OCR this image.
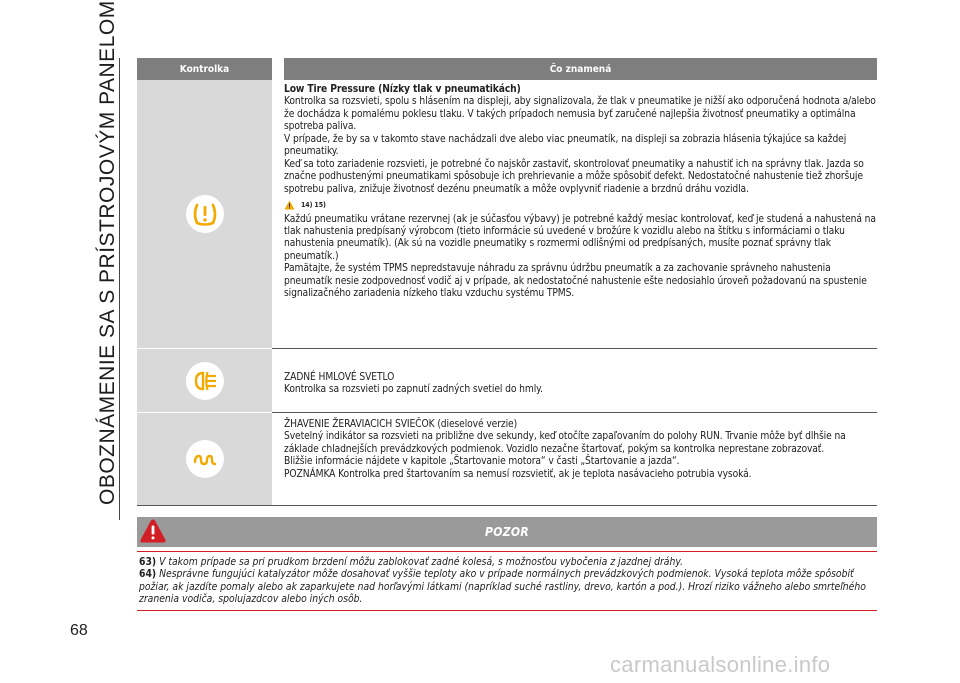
OBOZNÁMENIE SA S PRÍSTROJOVÝM PANELOM	Kontrolka	Čo znamená

Low Tire Pressure (Nízky tlak v pneumatikách)

Kontrolka sa rozsvieti, spolu s hlásením na displeji, aby signalizovala, že tlak v pneumatike je nižší ako odporučená hodnota a/alebo že dochádza k pomalému poklesu tlaku. V takých prípadoch nemusia byť zaručené najlepšia životnosť pneumatiky a optimálna spotreba paliva.

V prípade, že by sa v takomto stave nachádzali dve alebo viac pneumatík, na displeji sa zobrazia hlásenia týkajúce sa každej pneumatiky.

Keď sa toto zariadenie rozsvieti, je potrebné čo najskôr zastaviť, skontrolovať pneumatiky a nahustiť ich na správny tlak. Jazda so značne podhustenými pneumatikami spôsobuje ich prehrievanie a môže spôsobiť defekt. Nedostatočné nahustenie tiež zhoršuje spotrebu paliva, znižuje životnosť dezénu pneumatík a môže ovplyvniť riadenie a brzdnú dráhu vozidla.

14) 15)

Každú pneumatiku vrátane rezervnej (ak je súčasťou výbavy) je potrebné každý mesiac kontrolovať, keď je studená a nahustená na tlak nahustenia predpísaný výrobcom (tieto informácie sú uvedené v brožúre k vozidlu alebo na štítku s informáciami o tlaku nahustenia pneumatík). (Ak sú na vozidle pneumatiky s rozmermi odlišnými od predpísaných, musíte poznať správny tlak pneumatík.)

Pamätajte, že systém TPMS nepredstavuje náhradu za správnu údržbu pneumatík a za zachovanie správneho nahustenia pneumatík nesie zodpovednosť vodič aj v prípade, ak nedostatočné nahustenie ešte nedosiahlo úroveň požadovanú na spustenie signalizačného zariadenia nízkeho tlaku vzduchu systému TPMS.

ZADNÉ HMLOVÉ SVETLO

Kontrolka sa rozsvieti po zapnutí zadných svetiel do hmly.

ŽHAVENIE ŽERAVIACICH SVIEČOK (dieselové verzie)

Svetelný indikátor sa rozsvieti na približne dve sekundy, keď otočíte zapaľovaním do polohy RUN. Trvanie môže byť dlhšie na základe chladnejších prevádzkových podmienok. Vozidlo nezačne štartovať, pokým sa kontrolka neprestane zobrazovať.

Bližšie informácie nájdete v kapitole „Štartovanie motora“ v časti „Štartovanie a jazda“.

POZNÁMKA Kontrolka pred štartovaním sa nemusí rozsvietiť, ak je teplota nasávacieho potrubia vysoká.

POZOR
63) V takom prípade sa pri prudkom brzdení môžu zablokovať zadné kolesá, s možnosťou vybočenia z jazdnej dráhy.
64) Nesprávne fungujúci katalyzátor môže dosahovať vyššie teploty ako v prípade normálnych prevádzkových podmienok. Vysoká teplota môže spôsobiť požiar, ak jazdíte pomaly alebo ak zaparkujete nad horľavými látkami (napríklad suché rastliny, drevo, kartón a pod.). Hrozí riziko vážneho alebo smrteľného zranenia vodiča, spolujazdcov alebo iných osôb.
68
carmanualsonline.info
